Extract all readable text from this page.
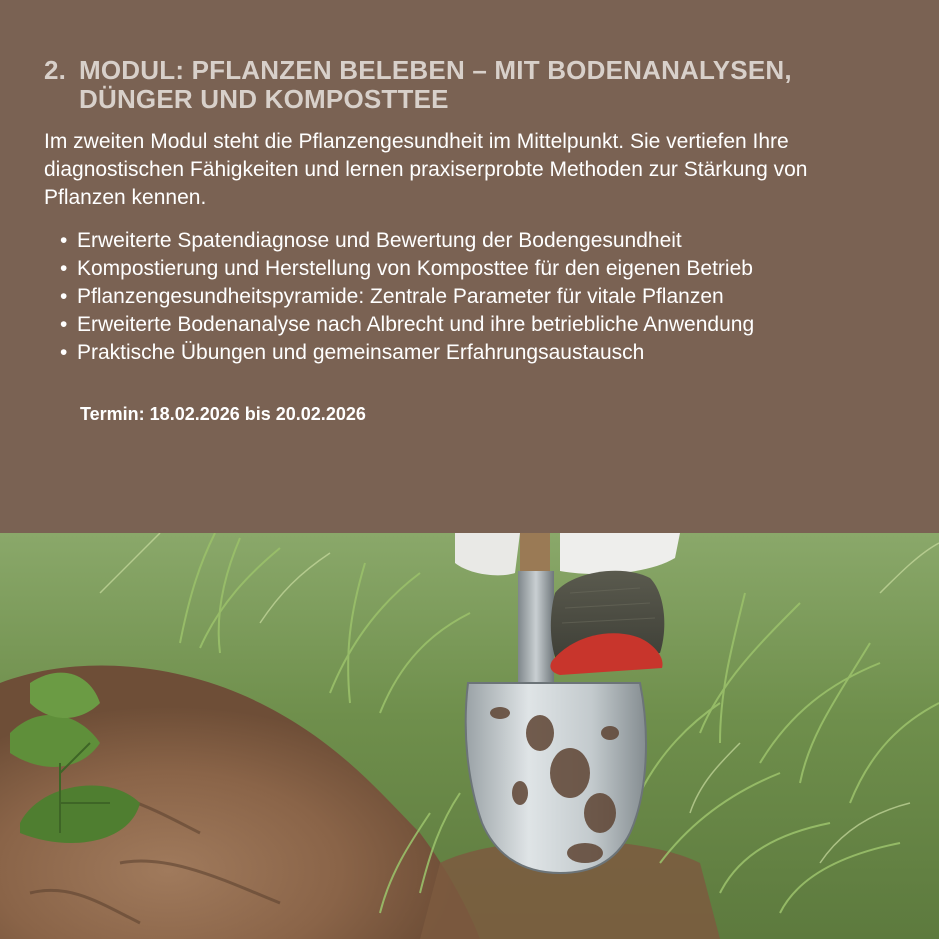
2. MODUL: PFLANZEN BELEBEN – MIT BODENANALYSEN,
DÜNGER UND KOMPOSTTEE
Im zweiten Modul steht die Pflanzengesundheit im Mittelpunkt. Sie vertiefen Ihre
diagnostischen Fähigkeiten und lernen praxiserprobte Methoden zur Stärkung von
Pflanzen kennen.
• Erweiterte Spatendiagnose und Bewertung der Bodengesundheit
• Kompostierung und Herstellung von Komposttee für den eigenen Betrieb
• Pflanzengesundheitspyramide: Zentrale Parameter für vitale Pflanzen
• Erweiterte Bodenanalyse nach Albrecht und ihre betriebliche Anwendung
• Praktische Übungen und gemeinsamer Erfahrungsaustausch
Termin: 18.02.2026 bis 20.02.2026
